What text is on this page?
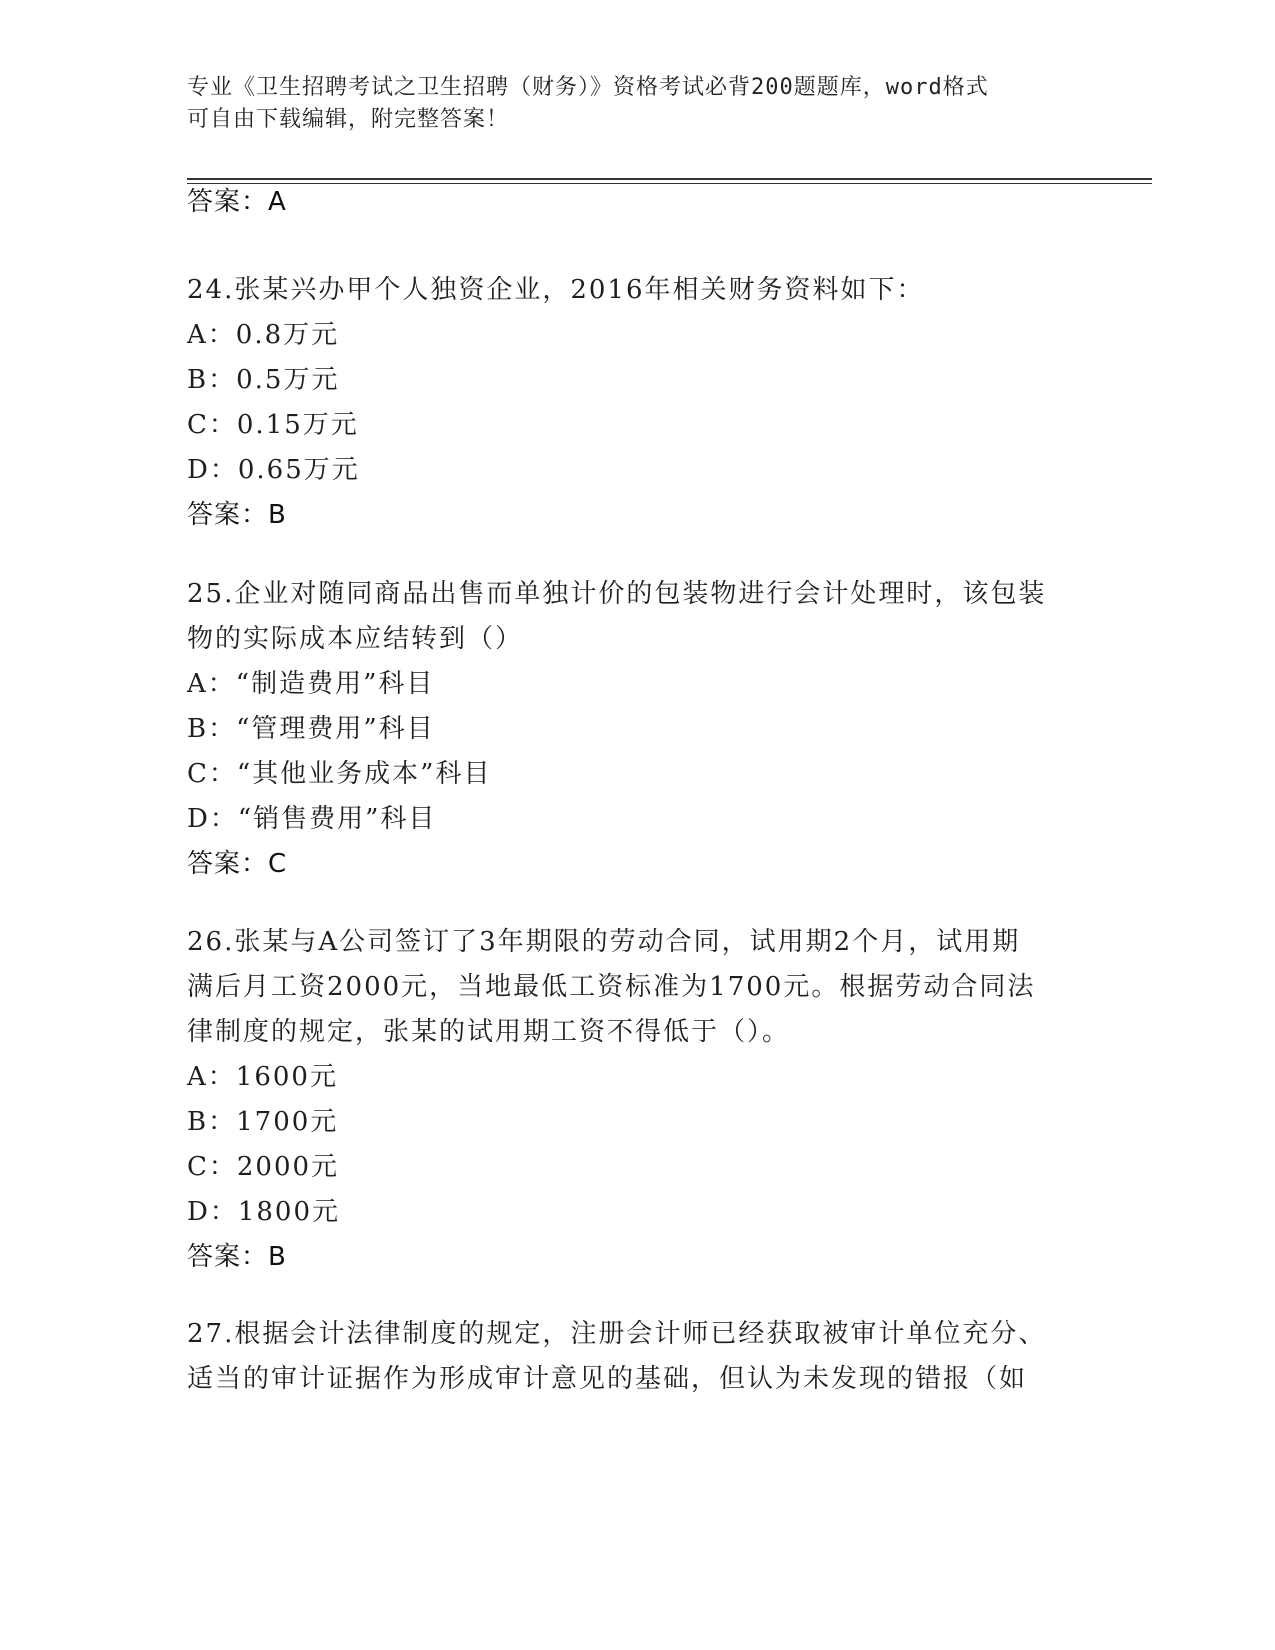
专业《卫生招聘考试之卫生招聘（财务）》资格考试必背200题题库，word格式
可自由下载编辑，附完整答案！

答案：A

24.张某兴办甲个人独资企业，2016年相关财务资料如下：

A：0.8万元

B：0.5万元

C：0.15万元

D：0.65万元

答案：B

25.企业对随同商品出售而单独计价的包装物进行会计处理时，该包装

物的实际成本应结转到（）

A：“制造费用”科目

B：“管理费用”科目

C：“其他业务成本”科目

D：“销售费用”科目

答案：C

26.张某与A公司签订了3年期限的劳动合同，试用期2个月，试用期

满后月工资2000元，当地最低工资标准为1700元。根据劳动合同法

律制度的规定，张某的试用期工资不得低于（）。

A：1600元

B：1700元

C：2000元

D：1800元

答案：B

27.根据会计法律制度的规定，注册会计师已经获取被审计单位充分、

适当的审计证据作为形成审计意见的基础，但认为未发现的错报（如
